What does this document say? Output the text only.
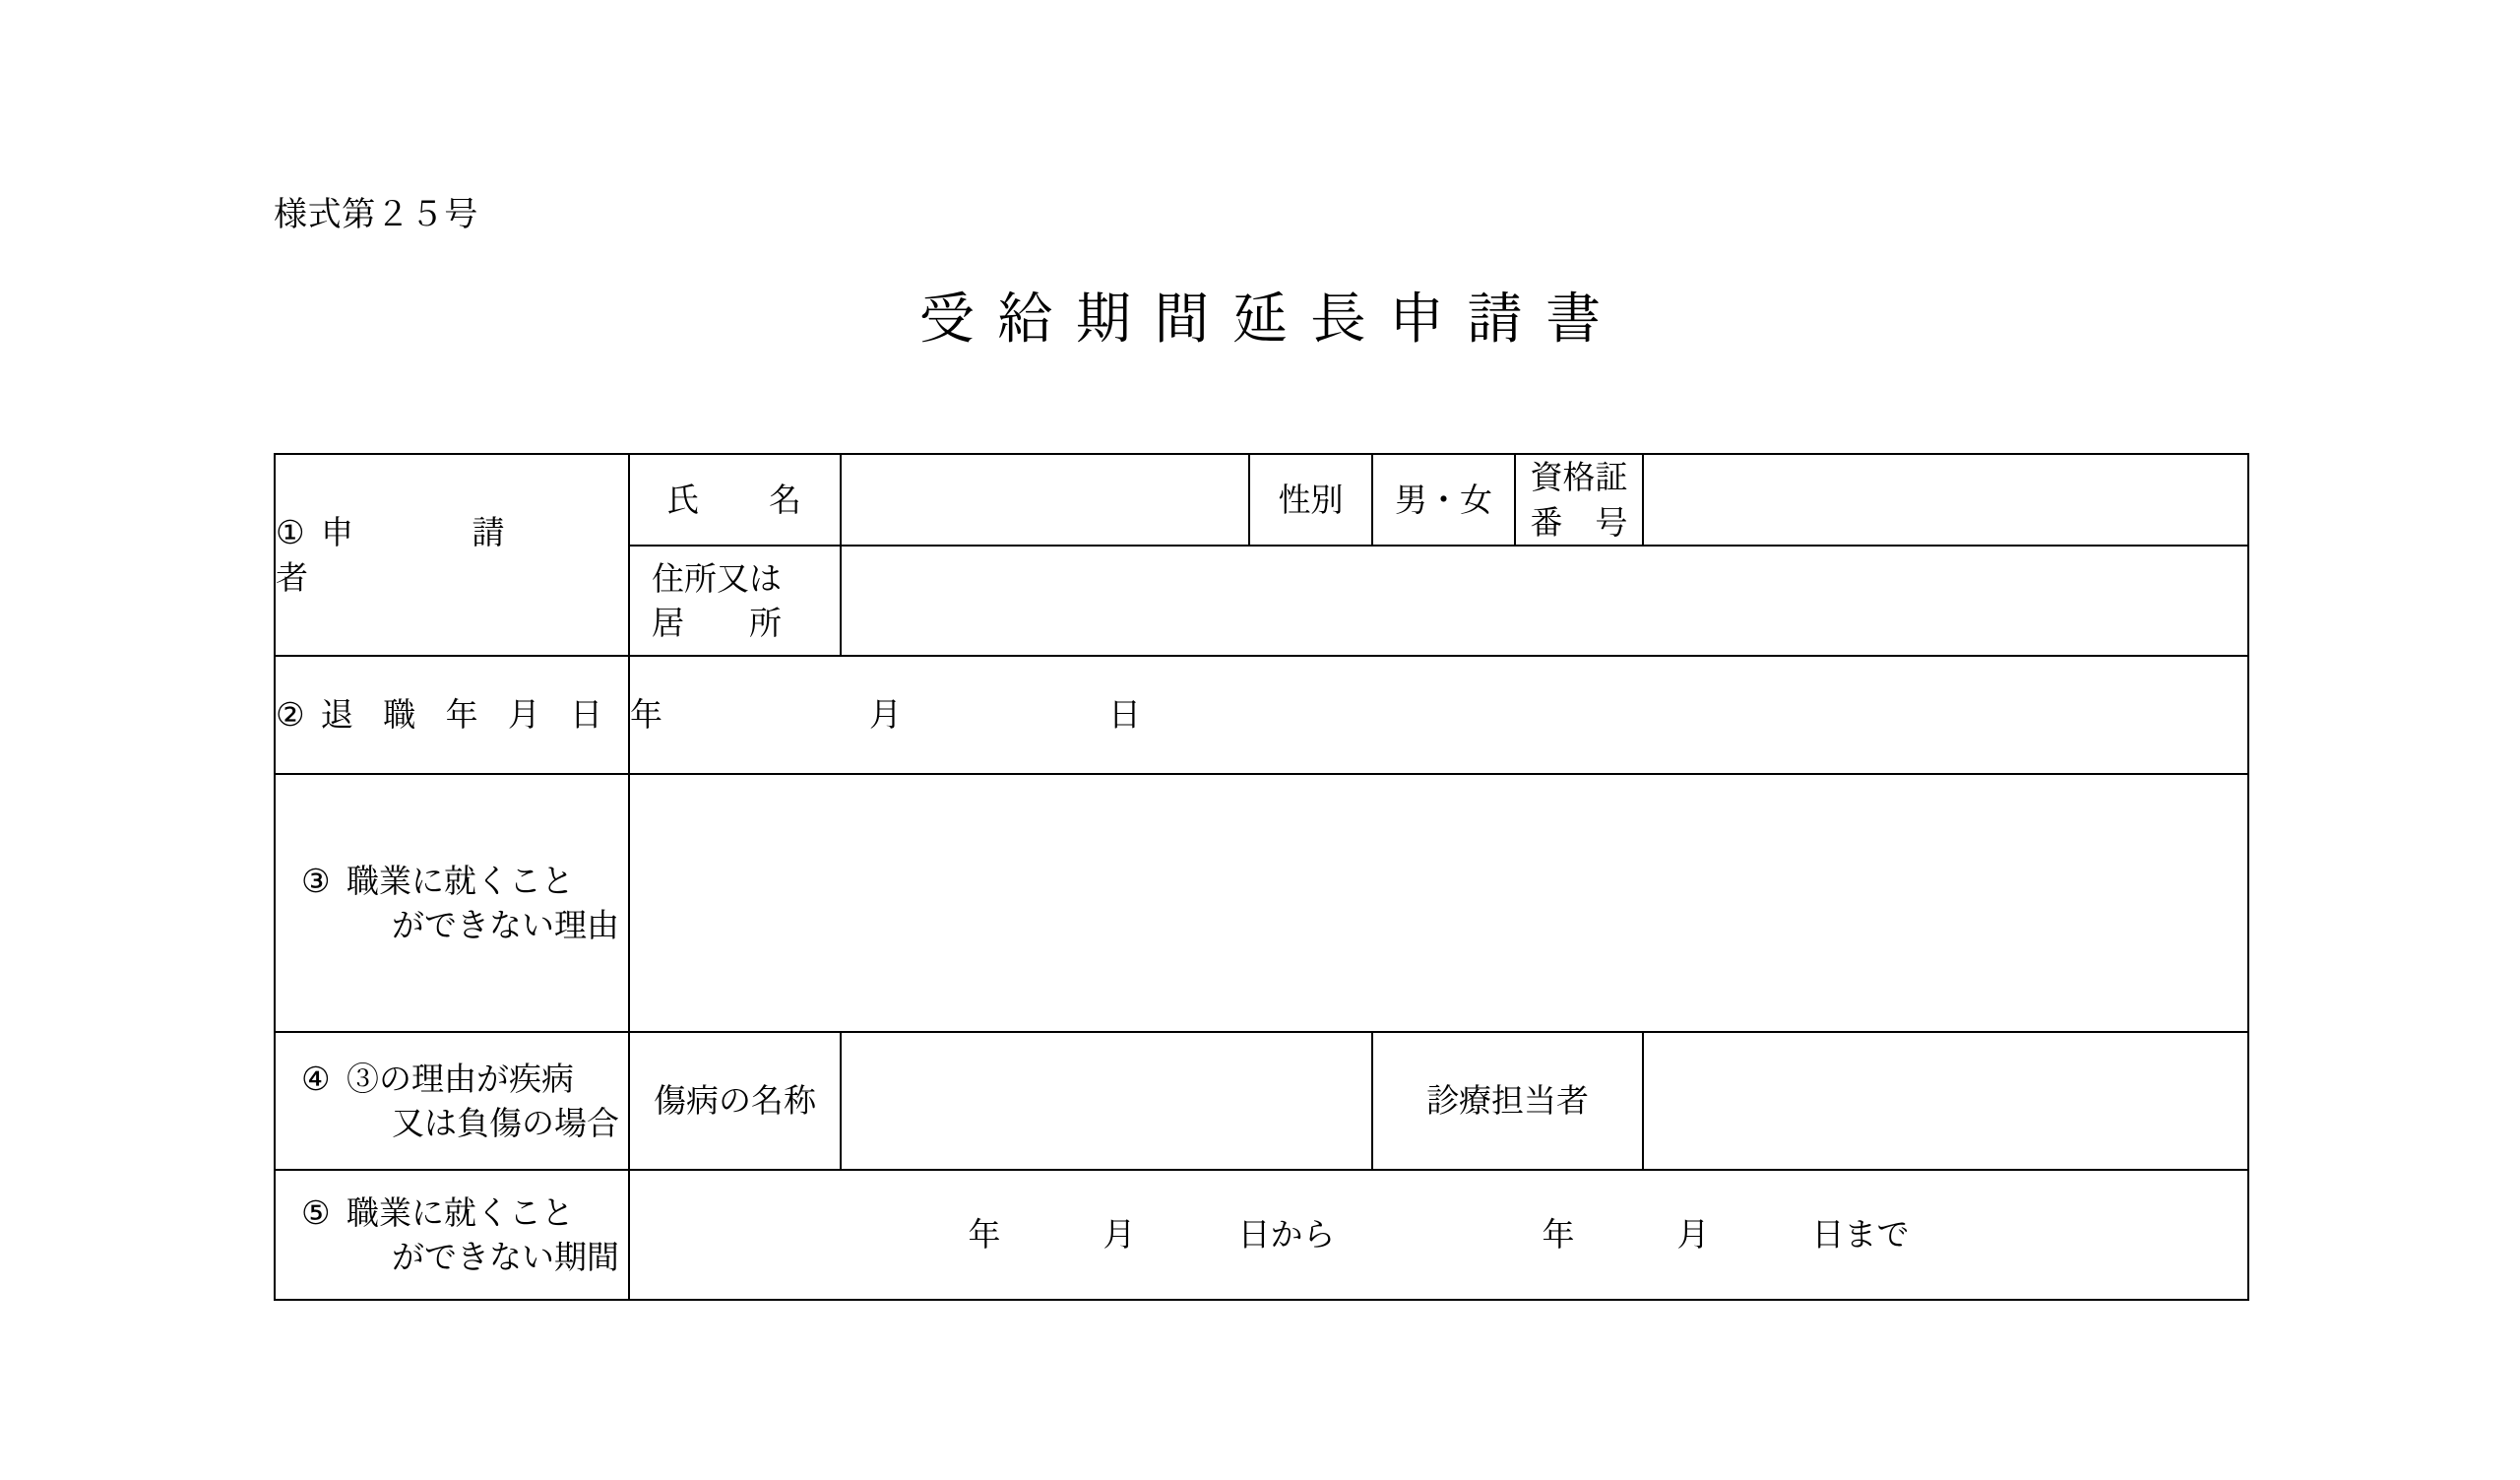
様式第２５号
受給期間延長申請書
① 申　　請　　者	氏　　名		性別	男・女	資格証
番　号	
	住所又は
居　　所					
② 退 職 年 月 日	年 月 日					

③ 職業に就くこと
ができない理由						

④ ③の理由が疾病
又は負傷の場合	傷病の名称			診療担当者		

⑤ 職業に就くこと
ができない期間	年 月 日から 年 月 日まで					
